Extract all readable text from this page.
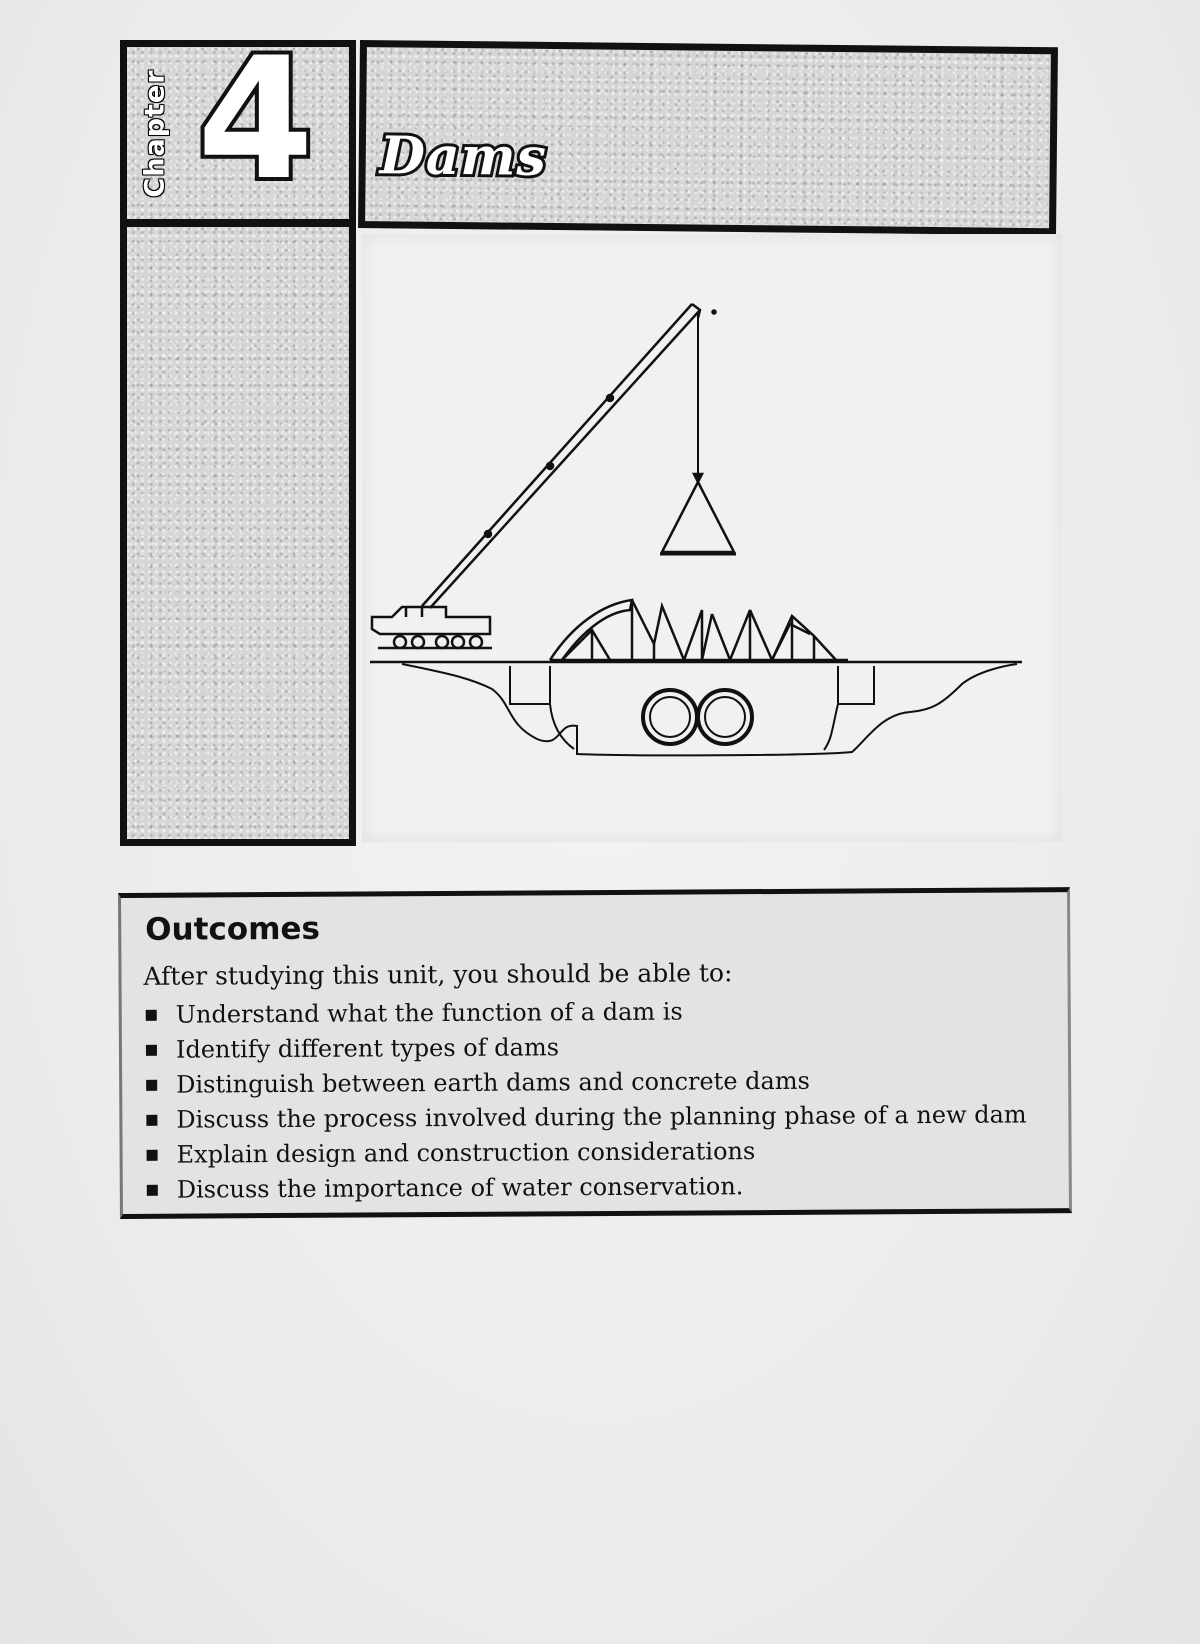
Chapter 4 Dams
Outcomes
After studying this unit, you should be able to:
Understand what the function of a dam is
Identify different types of dams
Distinguish between earth dams and concrete dams
Discuss the process involved during the planning phase of a new dam
Explain design and construction considerations
Discuss the importance of water conservation.
